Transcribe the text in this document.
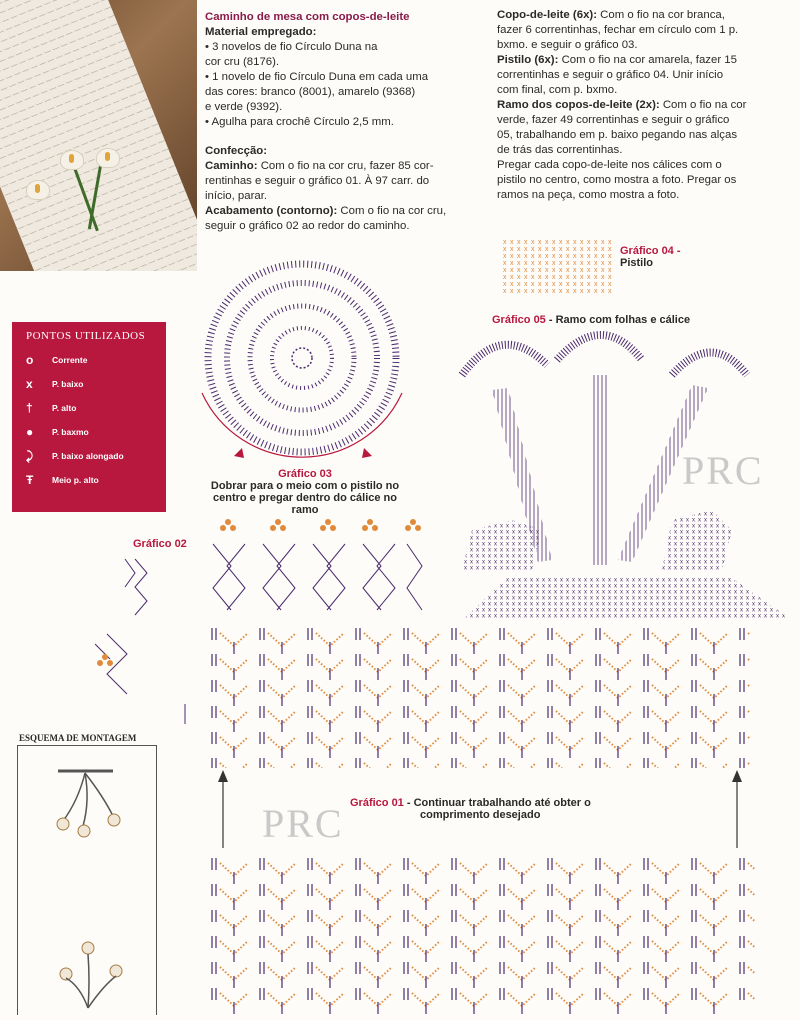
Caminho de mesa com copos-de-leite
Material empregado:
• 3 novelos de fio Círculo Duna na
cor cru (8176).
• 1 novelo de fio Círculo Duna em cada uma
das cores: branco (8001), amarelo (9368)
e verde (9392).
• Agulha para crochê Círculo 2,5 mm.
Confecção:
Caminho: Com o fio na cor cru, fazer 85 cor-
rentinhas e seguir o gráfico 01. À 97 carr. do
início, parar.
Acabamento (contorno): Com o fio na cor cru,
seguir o gráfico 02 ao redor do caminho.
Copo-de-leite (6x): Com o fio na cor branca,
fazer 6 correntinhas, fechar em círculo com 1 p.
bxmo. e seguir o gráfico 03.
Pistilo (6x): Com o fio na cor amarela, fazer 15
correntinhas e seguir o gráfico 04. Unir início
com final, com p. bxmo.
Ramo dos copos-de-leite (2x): Com o fio na cor
verde, fazer 49 correntinhas e seguir o gráfico
05, trabalhando em p. baixo pegando nas alças
de trás das correntinhas.
Pregar cada copo-de-leite nos cálices com o
pistilo no centro, como mostra a foto. Pregar os
ramos na peça, como mostra a foto.
Gráfico 04 -
Pistilo
Gráfico 05 - Ramo com folhas e cálice
PRC
PONTOS UTILIZADOS
o	Corrente
x	P. baixo
†	P. alto
●	P. baxmo
⤸	P. baixo alongado
Ŧ	Meio p. alto	Gráfico 03
Dobrar para o meio com o pistilo no
centro e pregar dentro do cálice no ramo
Gráfico 02
PRC Gráfico 01 - Continuar trabalhando até obter o
comprimento desejado
ESQUEMA DE MONTAGEM
